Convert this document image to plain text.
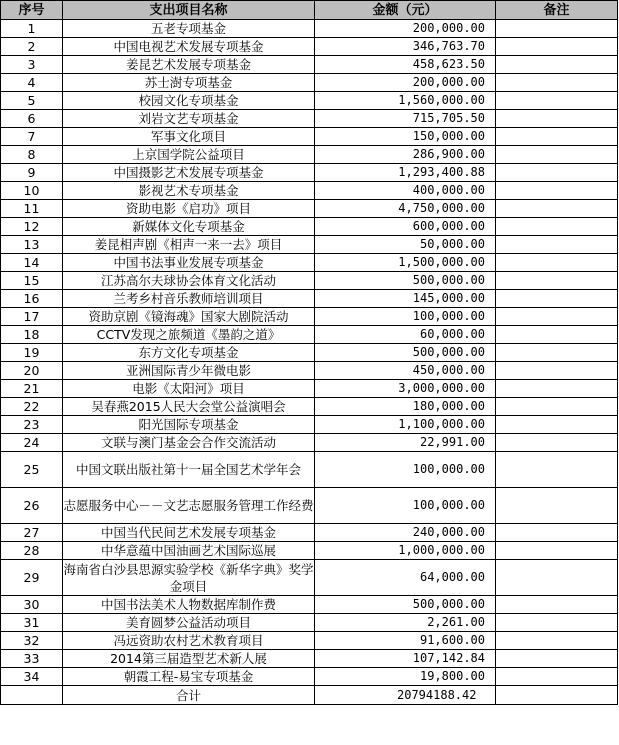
序号	支出项目名称	金额（元）	备注
1	五老专项基金	200,000.00	
2	中国电视艺术发展专项基金	346,763.70	
3	姜昆艺术发展专项基金	458,623.50	
4	苏士澍专项基金	200,000.00	
5	校园文化专项基金	1,560,000.00	
6	刘岩文艺专项基金	715,705.50	
7	军事文化项目	150,000.00	
8	上京国学院公益项目	286,900.00	
9	中国摄影艺术发展专项基金	1,293,400.88	
10	影视艺术专项基金	400,000.00	
11	资助电影《启功》项目	4,750,000.00	
12	新媒体文化专项基金	600,000.00	
13	姜昆相声剧《相声一来一去》项目	50,000.00	
14	中国书法事业发展专项基金	1,500,000.00	
15	江苏高尔夫球协会体育文化活动	500,000.00	
16	兰考乡村音乐教师培训项目	145,000.00	
17	资助京剧《镜海魂》国家大剧院活动	100,000.00	
18	CCTV发现之旅频道《墨韵之道》	60,000.00	
19	东方文化专项基金	500,000.00	
20	亚洲国际青少年微电影	450,000.00	
21	电影《太阳河》项目	3,000,000.00	
22	吴春燕2015人民大会堂公益演唱会	180,000.00	
23	阳光国际专项基金	1,100,000.00	
24	文联与澳门基金会合作交流活动	22,991.00	
25	中国文联出版社第十一届全国艺术学年会	100,000.00	
26	志愿服务中心－－文艺志愿服务管理工作经费	100,000.00	
27	中国当代民间艺术发展专项基金	240,000.00	
28	中华意蕴中国油画艺术国际巡展	1,000,000.00	
29	海南省白沙县思源实验学校《新华字典》奖学金项目	64,000.00	
30	中国书法美术人物数据库制作费	500,000.00	
31	美育圆梦公益活动项目	2,261.00	
32	冯远资助农村艺术教育项目	91,600.00	
33	2014第三届造型艺术新人展	107,142.84	
34	朝霞工程-易宝专项基金	19,800.00	
	合计	20794188.42	
